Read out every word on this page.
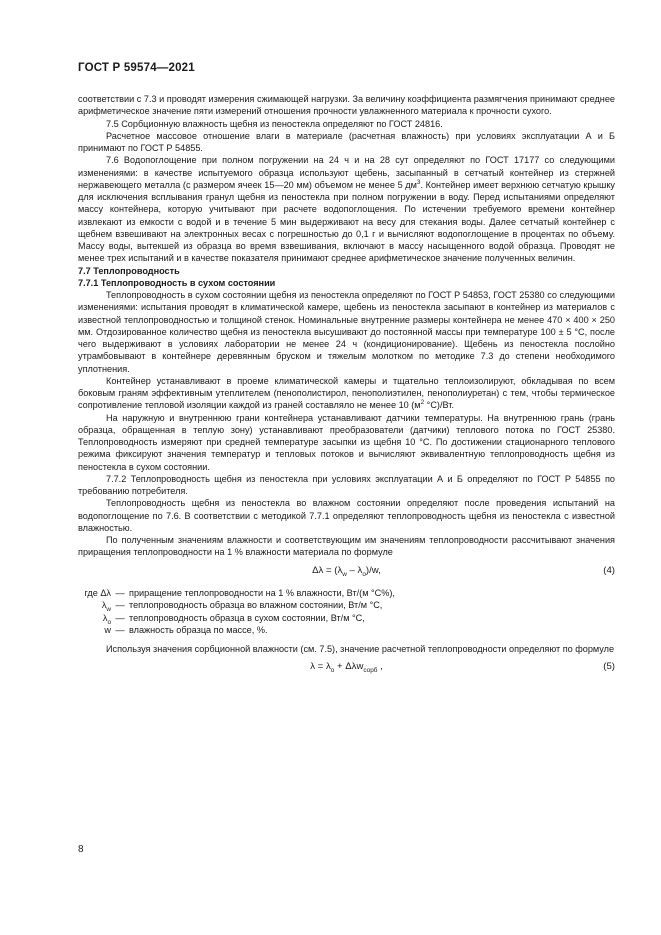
ГОСТ Р 59574—2021

соответствии с 7.3 и проводят измерения сжимающей нагрузки. За величину коэффициента размягчения принимают среднее арифметическое значение пяти измерений отношения прочности увлажненного материала к прочности сухого.

7.5 Сорбционную влажность щебня из пеностекла определяют по ГОСТ 24816.

Расчетное массовое отношение влаги в материале (расчетная влажность) при условиях эксплуатации А и Б принимают по ГОСТ Р 54855.

7.6 Водопоглощение при полном погружении на 24 ч и на 28 сут определяют по ГОСТ 17177 со следующими изменениями: в качестве испытуемого образца используют щебень, засыпанный в сетчатый контейнер из стержней нержавеющего металла (с размером ячеек 15—20 мм) объемом не менее 5 $дм^3$. Контейнер имеет верхнюю сетчатую крышку для исключения всплывания гранул щебня из пеностекла при полном погружении в воду. Перед испытаниями определяют массу контейнера, которую учитывают при расчете водопоглощения. По истечении требуемого времени контейнер извлекают из емкости с водой и в течение 5 мин выдерживают на весу для стекания воды. Далее сетчатый контейнер с щебнем взвешивают на электронных весах с погрешностью до 0,1 г и вычисляют водопоглощение в процентах по объему. Массу воды, вытекшей из образца во время взвешивания, включают в массу насыщенного водой образца. Проводят не менее трех испытаний и в качестве показателя принимают среднее арифметическое значение полученных величин.

7.7 Теплопроводность

7.7.1 Теплопроводность в сухом состоянии

Теплопроводность в сухом состоянии щебня из пеностекла определяют по ГОСТ Р 54853, ГОСТ 25380 со следующими изменениями: испытания проводят в климатической камере, щебень из пеностекла засыпают в контейнер из материалов с известной теплопроводностью и толщиной стенок. Номинальные внутренние размеры контейнера не менее 470 × 400 × 250 мм. Отдозированное количество щебня из пеностекла высушивают до постоянной массы при температуре 100 ± 5 °С, после чего выдерживают в условиях лаборатории не менее 24 ч (кондиционирование). Щебень из пеностекла послойно утрамбовывают в контейнере деревянным бруском и тяжелым молотком по методике 7.3 до степени необходимого уплотнения.

Контейнер устанавливают в проеме климатической камеры и тщательно теплоизолируют, обкладывая по всем боковым граням эффективным утеплителем (пенополистирол, пенополиэтилен, пенополиуретан) с тем, чтобы термическое сопротивление тепловой изоляции каждой из граней составляло не менее 10 ($м^2$ °С)/Вт.

На наружную и внутреннюю грани контейнера устанавливают датчики температуры. На внутреннюю грань (грань образца, обращенная в теплую зону) устанавливают преобразователи (датчики) теплового потока по ГОСТ 25380. Теплопроводность измеряют при средней температуре засыпки из щебня 10 °С. По достижении стационарного теплового режима фиксируют значения температур и тепловых потоков и вычисляют эквивалентную теплопроводность щебня из пеностекла в сухом состоянии.

7.7.2 Теплопроводность щебня из пеностекла при условиях эксплуатации А и Б определяют по ГОСТ Р 54855 по требованию потребителя.

Теплопроводность щебня из пеностекла во влажном состоянии определяют после проведения испытаний на водопоглощение по 7.6. В соответствии с методикой 7.7.1 определяют теплопроводность щебня из пеностекла с известной влажностью.

По полученным значениям влажности и соответствующим им значениям теплопроводности рассчитывают значения приращения теплопроводности на 1 % влажности материала по формуле

$\Delta\lambda = (\lambda_w - \lambda_o)/w$,	(4)
где Δλ — приращение теплопроводности на 1 % влажности, Вт/(м °С%),
$\lambda_w$ — теплопроводность образца во влажном состоянии, Вт/м °С,
$\lambda_o$ — теплопроводность образца в сухом состоянии, Вт/м °С,
w — влажность образца по массе, %.

Используя значения сорбционной влажности (см. 7.5), значение расчетной теплопроводности определяют по формуле

$\lambda = \lambda_o + \Delta\lambda w_{сорб}$ ,	(5)
8
